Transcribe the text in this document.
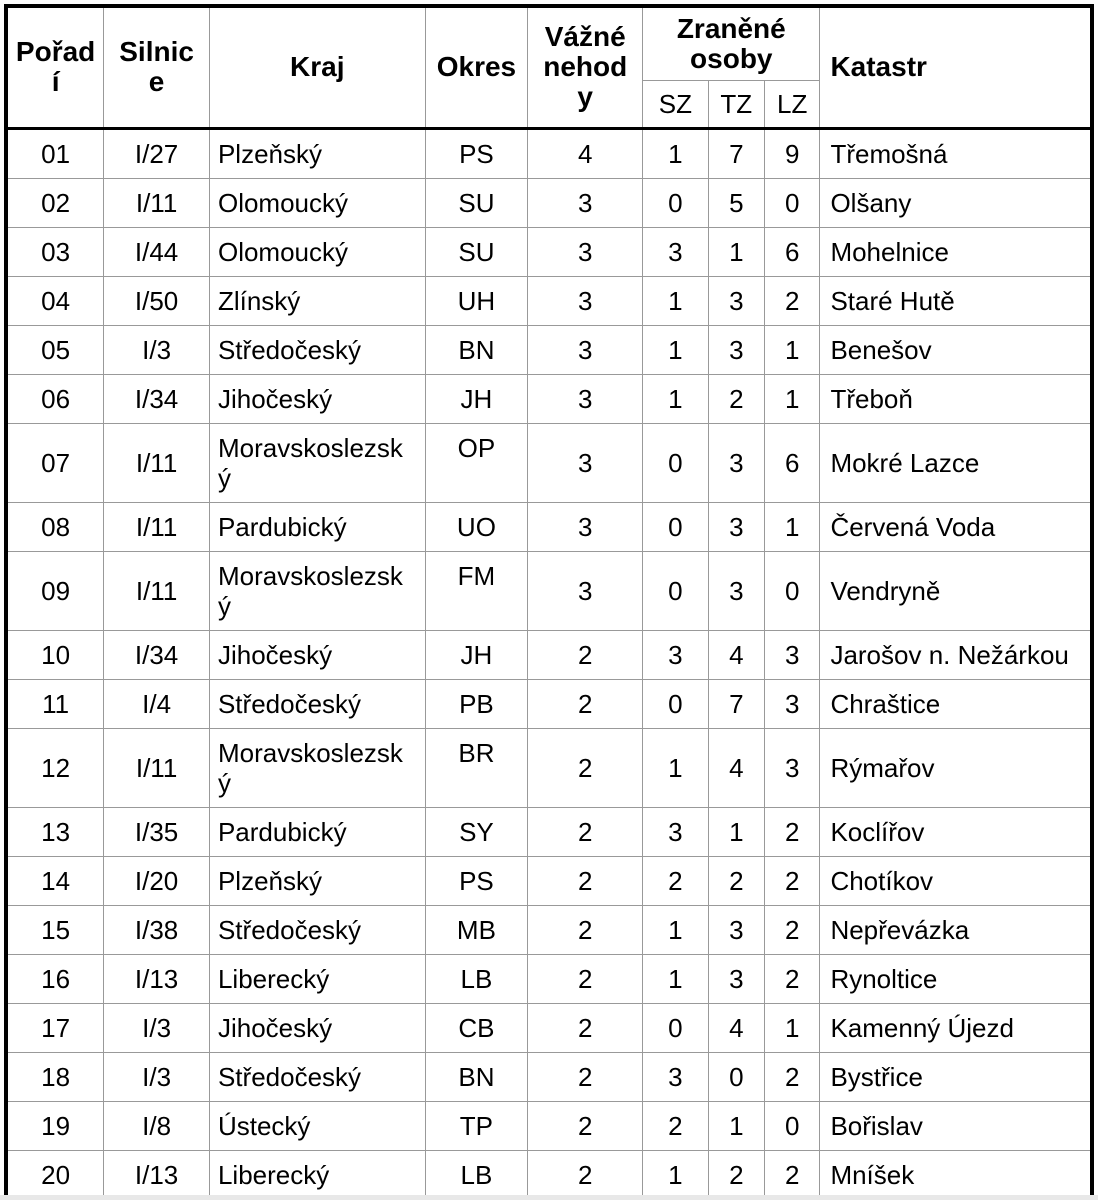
Pořadí	Silnice	Kraj	Okres	Vážné nehody	Zraněné osoby			Katastr
					SZ	TZ	LZ	
01	I/27	Plzeňský	PS	4	1	7	9	Třemošná
02	I/11	Olomoucký	SU	3	0	5	0	Olšany
03	I/44	Olomoucký	SU	3	3	1	6	Mohelnice
04	I/50	Zlínský	UH	3	1	3	2	Staré Hutě
05	I/3	Středočeský	BN	3	1	3	1	Benešov
06	I/34	Jihočeský	JH	3	1	2	1	Třeboň
07	I/11	Moravskoslezský	OP	3	0	3	6	Mokré Lazce
08	I/11	Pardubický	UO	3	0	3	1	Červená Voda
09	I/11	Moravskoslezský	FM	3	0	3	0	Vendryně
10	I/34	Jihočeský	JH	2	3	4	3	Jarošov n. Nežárkou
11	I/4	Středočeský	PB	2	0	7	3	Chraštice
12	I/11	Moravskoslezský	BR	2	1	4	3	Rýmařov
13	I/35	Pardubický	SY	2	3	1	2	Koclířov
14	I/20	Plzeňský	PS	2	2	2	2	Chotíkov
15	I/38	Středočeský	MB	2	1	3	2	Nepřevázka
16	I/13	Liberecký	LB	2	1	3	2	Rynoltice
17	I/3	Jihočeský	CB	2	0	4	1	Kamenný Újezd
18	I/3	Středočeský	BN	2	3	0	2	Bystřice
19	I/8	Ústecký	TP	2	2	1	0	Bořislav
20	I/13	Liberecký	LB	2	1	2	2	Mníšek
